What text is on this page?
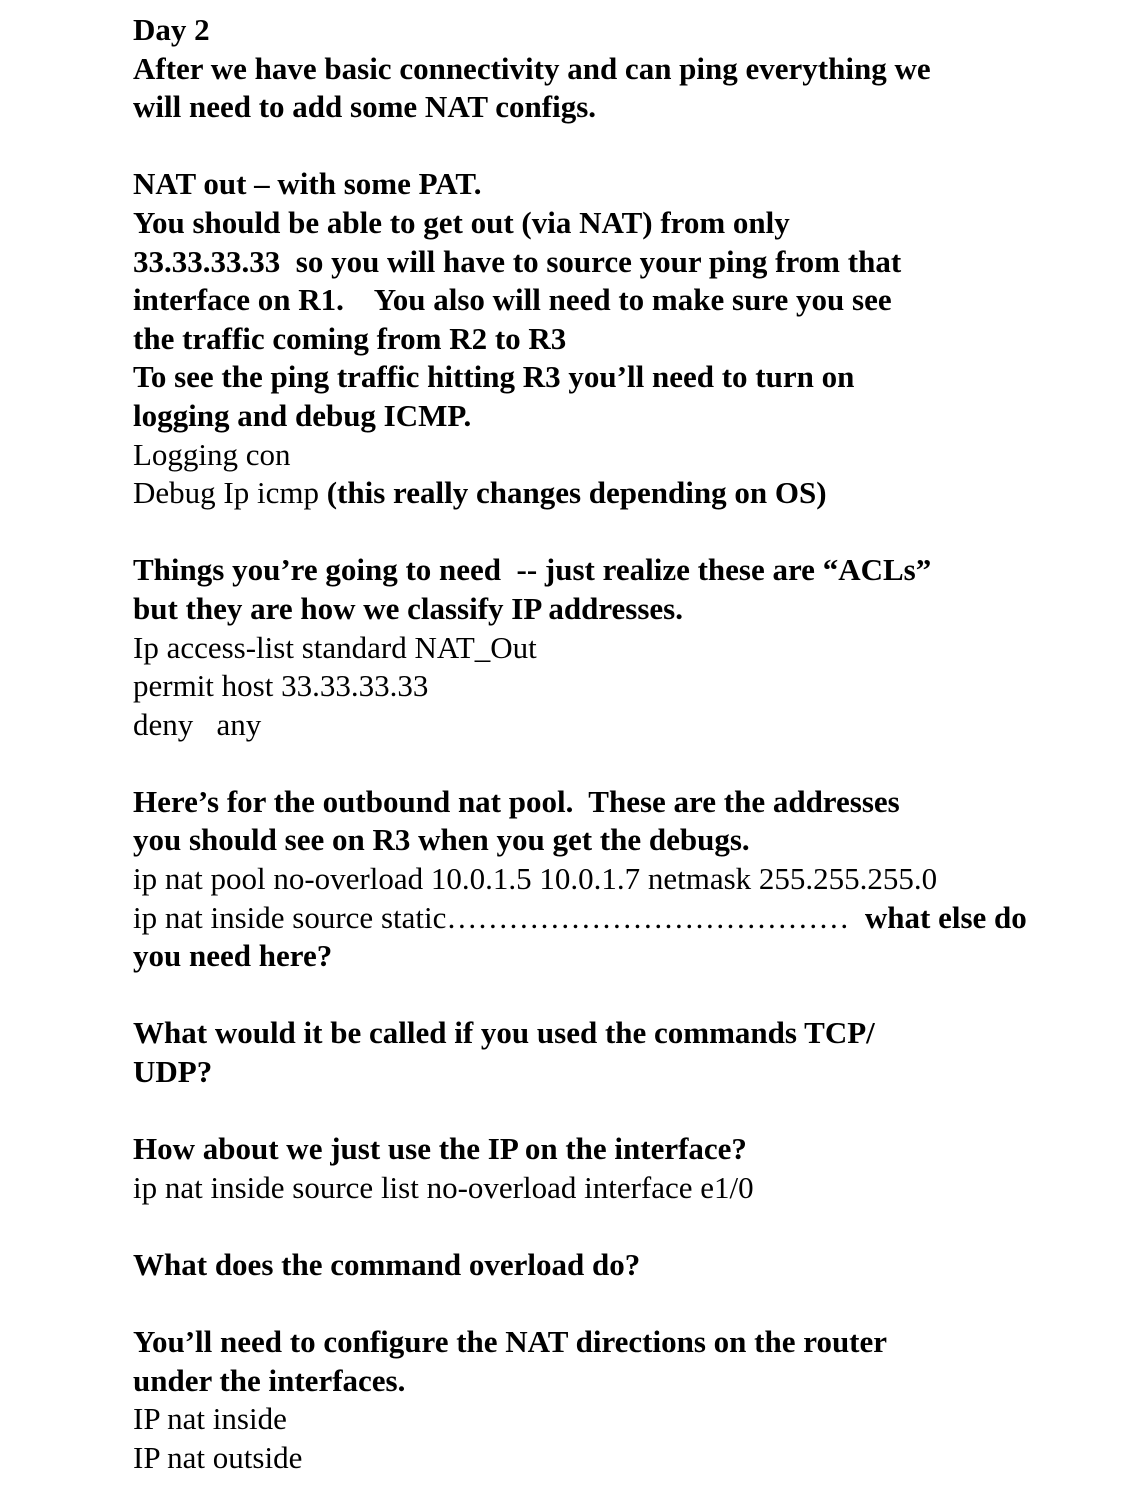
Day 2
After we have basic connectivity and can ping everything we
will need to add some NAT configs.
NAT out – with some PAT.
You should be able to get out (via NAT) from only
33.33.33.33  so you will have to source your ping from that
interface on R1.    You also will need to make sure you see
the traffic coming from R2 to R3
To see the ping traffic hitting R3 you’ll need to turn on
logging and debug ICMP.
Logging con
Debug Ip icmp (this really changes depending on OS)
Things you’re going to need  -- just realize these are “ACLs”
but they are how we classify IP addresses.
Ip access-list standard NAT_Out
permit host 33.33.33.33
deny   any
Here’s for the outbound nat pool.  These are the addresses
you should see on R3 when you get the debugs.
ip nat pool no-overload 10.0.1.5 10.0.1.7 netmask 255.255.255.0
ip nat inside source static…………………………………  what else do
you need here?
What would it be called if you used the commands TCP/
UDP?
How about we just use the IP on the interface?
ip nat inside source list no-overload interface e1/0
What does the command overload do?
You’ll need to configure the NAT directions on the router
under the interfaces.
IP nat inside
IP nat outside
